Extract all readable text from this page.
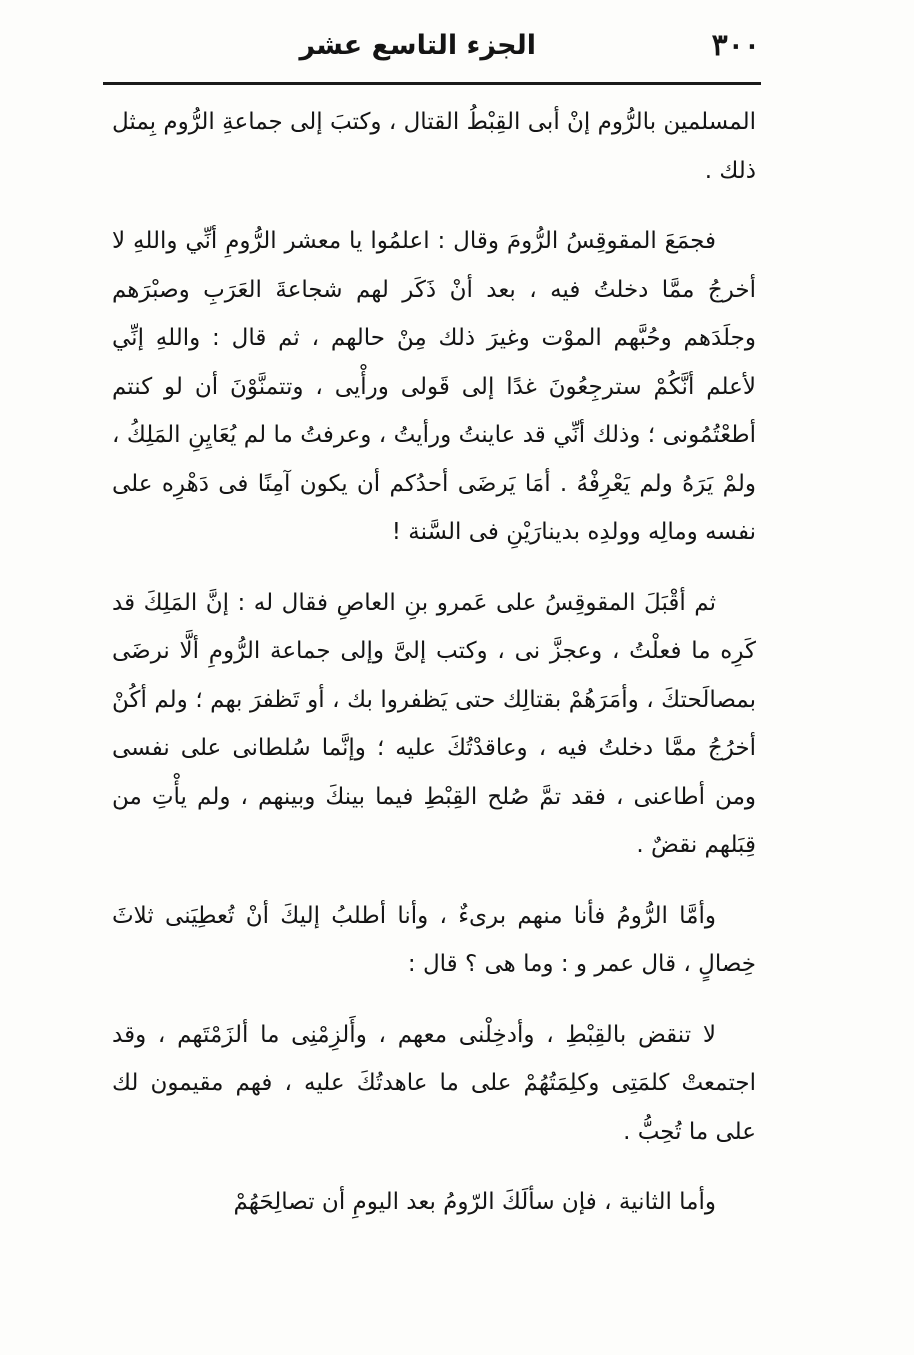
٣٠٠
الجزء التاسع عشر

المسلمين بالرُّوم إنْ أبى القِبْطُ القتال ، وكتبَ إلى جماعةِ الرُّوم بِمثل ذلك .

فجمَعَ المقوقِسُ الرُّومَ وقال : اعلمُوا يا معشر الرُّومِ أنِّي واللهِ لا أخرجُ ممَّا دخلتُ فيه ، بعد أنْ ذَكَر لهم شجاعةَ العَرَبِ وصبْرَهم وجلَدَهم وحُبَّهم الموْت وغيرَ ذلك مِنْ حالهم ، ثم قال : واللهِ إنِّي لأعلم أنَّكُمْ سترجِعُونَ غدًا إلى قَولى ورأْيى ، وتتمنَّوْنَ أن لو كنتم أطعْتُمُونى ؛ وذلك أنِّي قد عاينتُ ورأيتُ ، وعرفتُ ما لم يُعَايِنِ المَلِكُ ، ولمْ يَرَهُ ولم يَعْرِفْهُ . أمَا يَرضَى أحدُكم أن يكون آمِنًا فى دَهْرِه على نفسه ومالِه وولدِه بدينارَيْنِ فى السَّنة !

ثم أقْبَلَ المقوقِسُ على عَمرو بنِ العاصِ فقال له : إنَّ المَلِكَ قد كَرِه ما فعلْتُ ، وعجزَّ نى ، وكتب إلىَّ وإلى جماعة الرُّومِ ألَّا نرضَى بمصالَحتكَ ، وأمَرَهُمْ بقتالِك حتى يَظفروا بك ، أو تَظفرَ بهم ؛ ولم أكُنْ أخرُجُ ممَّا دخلتُ فيه ، وعاقدْتُكَ عليه ؛ وإنَّما سُلطانى على نفسى ومن أطاعنى ، فقد تمَّ صُلح القِبْطِ فيما بينكَ وبينهم ، ولم يأْتِ من قِبَلهم نقضٌ .

وأمَّا الرُّومُ فأنا منهم برىءٌ ، وأنا أطلبُ إليكَ أنْ تُعطِيَنى ثلاثَ خِصالٍ ، قال عمر و : وما هى ؟ قال :

لا تنقض بالقِبْطِ ، وأدخِلْنى معهم ، وأَلزِمْنِى ما ألزَمْتَهم ، وقد اجتمعتْ كلمَتِى وكلِمَتُهُمْ على ما عاهدتُكَ عليه ، فهم مقيمون لك على ما تُحِبُّ .

وأما الثانية ، فإن سألَكَ الرّومُ بعد اليومِ أن تصالِحَهُمْ
